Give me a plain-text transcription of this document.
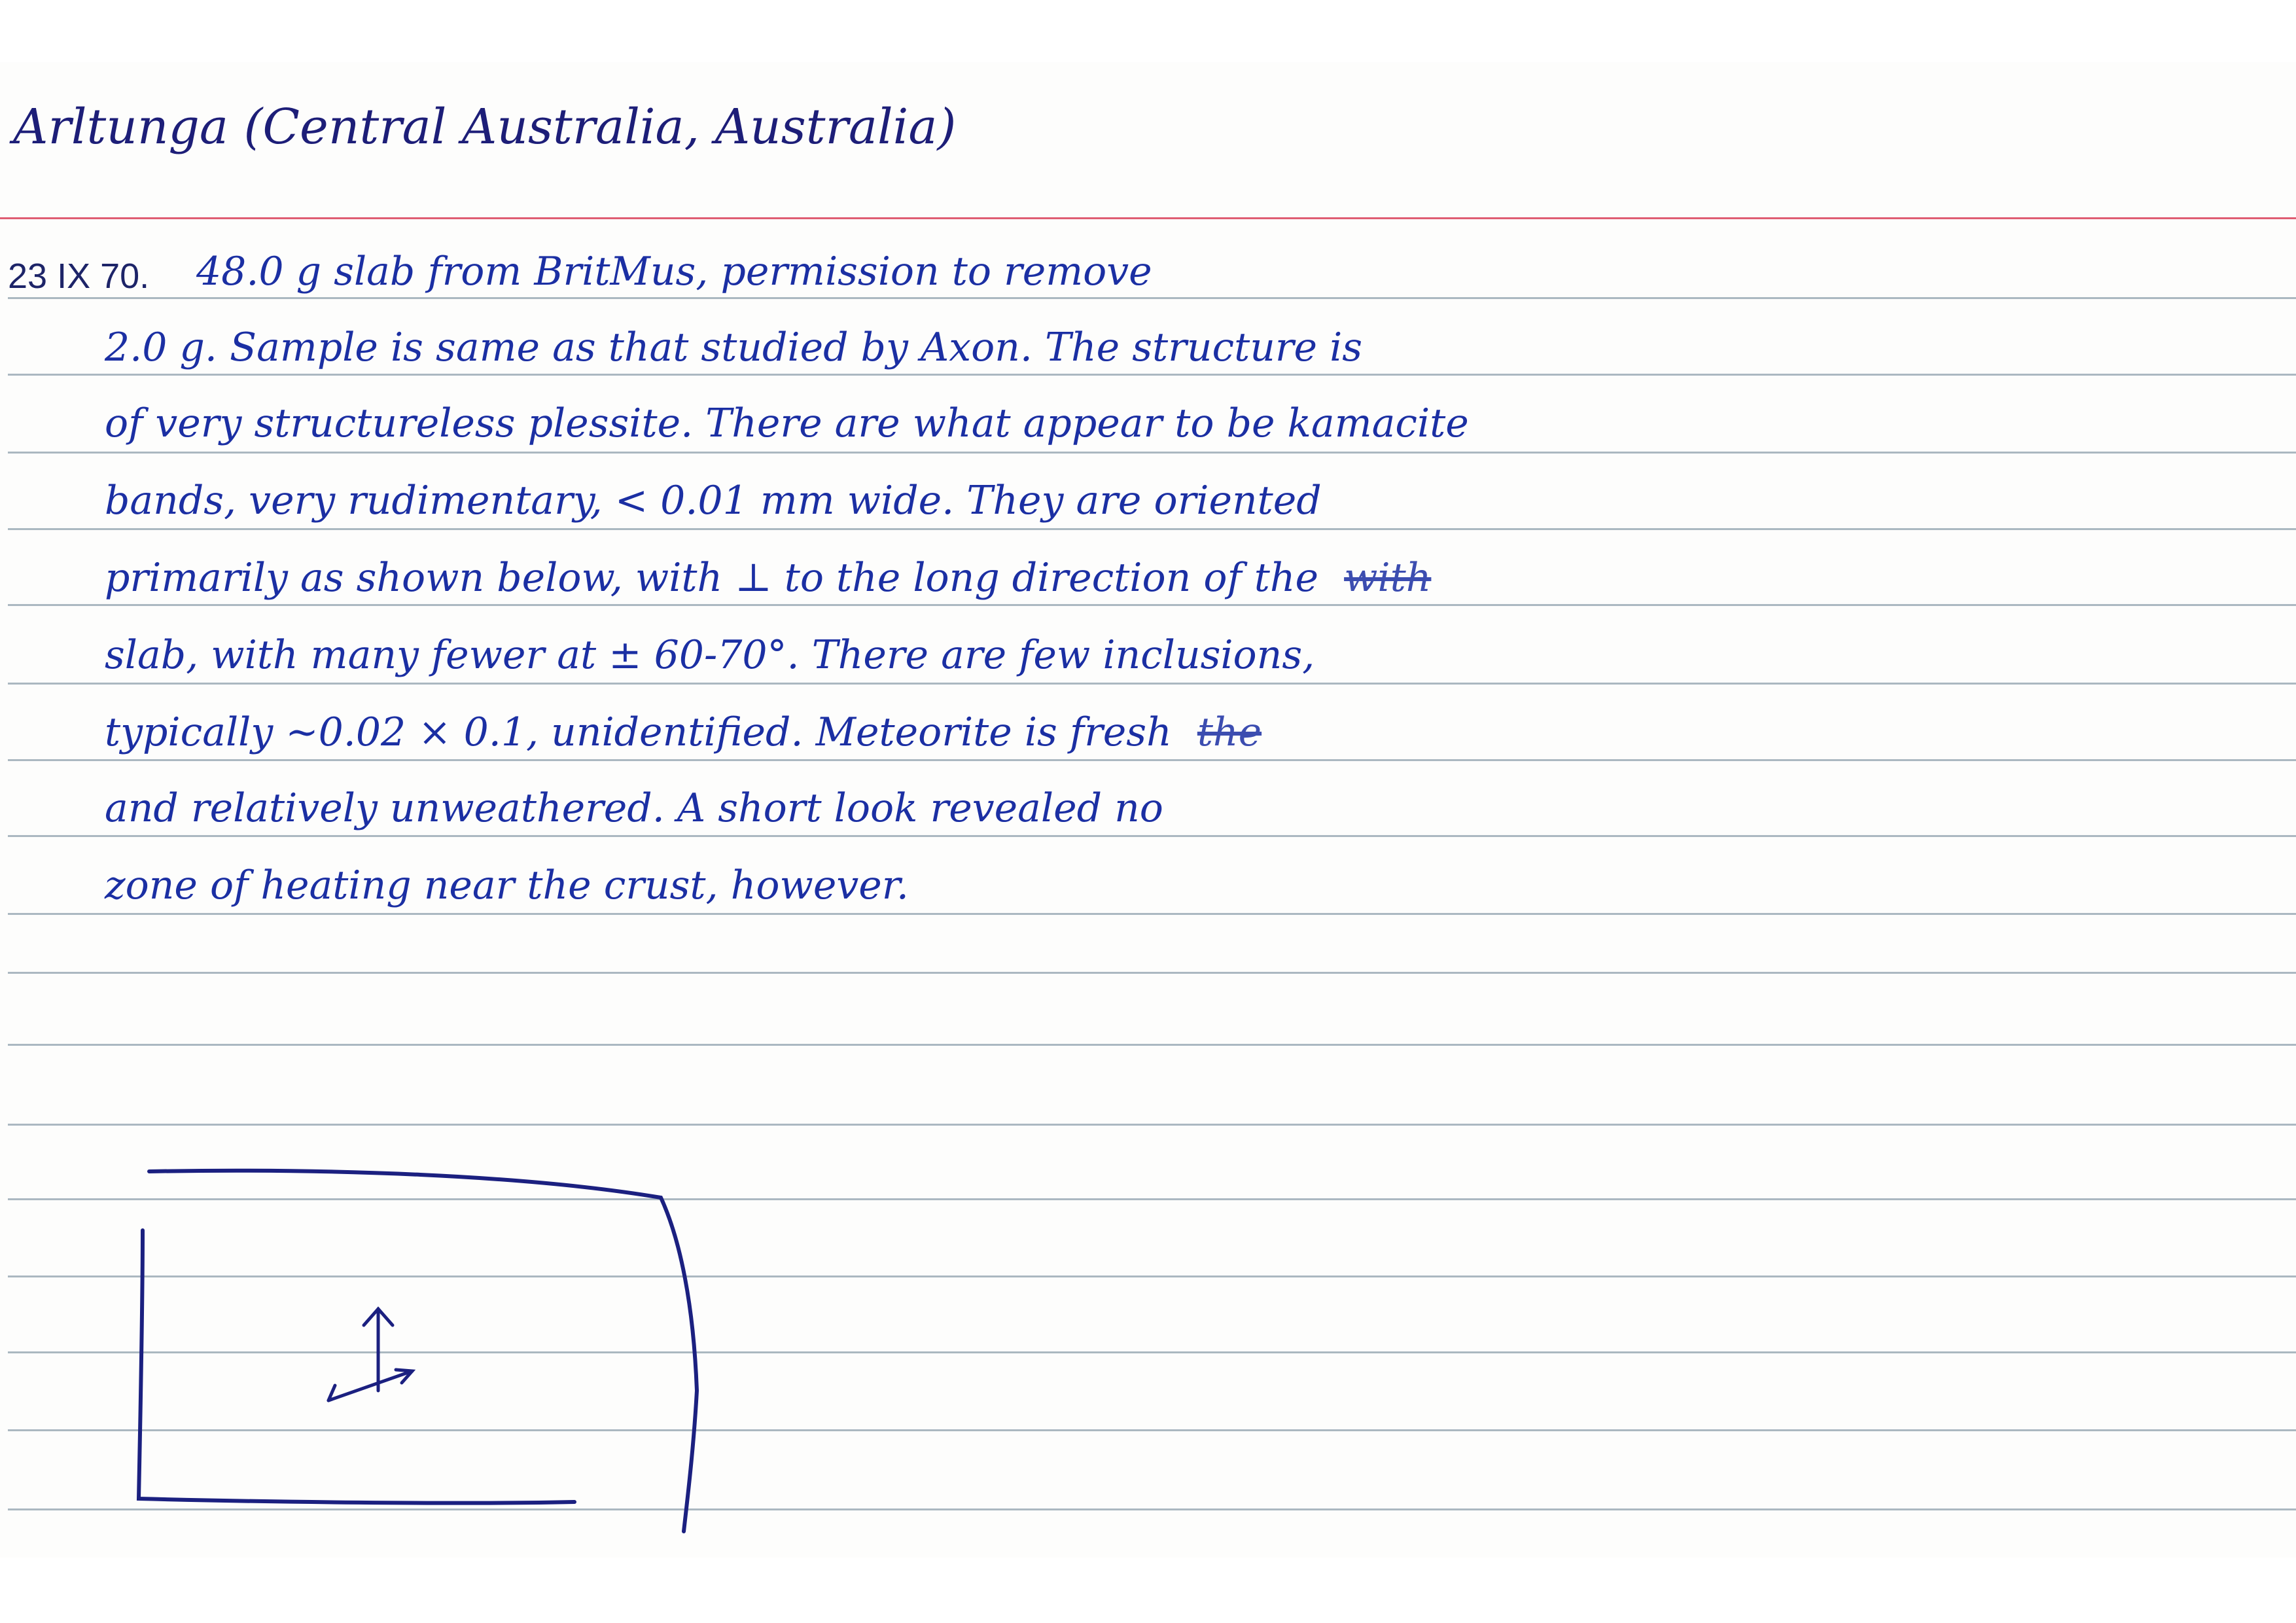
Arltunga (Central Australia, Australia)
23 IX 70. 48.0 g slab from BritMus, permission to remove
2.0 g. Sample is same as that studied by Axon. The structure is
of very structureless plessite. There are what appear to be kamacite
bands, very rudimentary, < 0.01 mm wide. They are oriented
primarily as shown below, with ⊥ to the long direction of the with
slab, with many fewer at ± 60-70°. There are few inclusions,
typically ~0.02 × 0.1, unidentified. Meteorite is fresh the
and relatively unweathered. A short look revealed no
zone of heating near the crust, however.
